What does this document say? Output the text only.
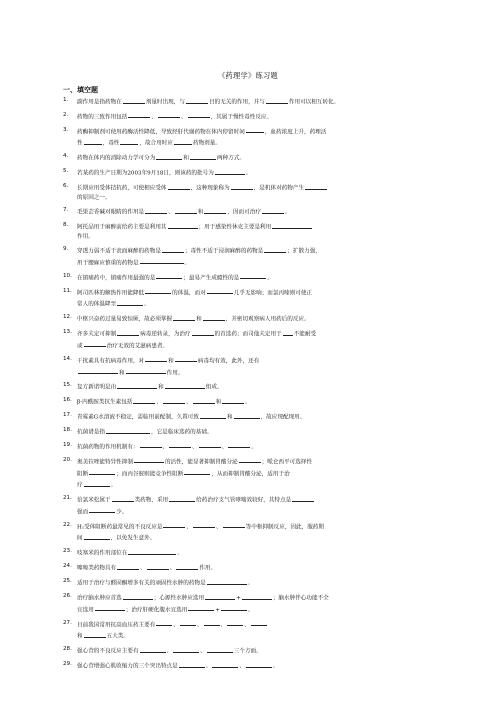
《药理学》练习题
一、填空题
1.	副作用是指药物在	剂量时出现，与	目的无关的作用，并与	作用可以相互转化。
2.	药物的三致作用包括	、	、	，其属于慢性毒性反应。
3.	药酶抑制剂可使用药酶活性降低，导致经肝代谢药物在体内停留时间	，血药浓度上升，药理活
性	，毒性	，故合用时应	药物剂量。
4.	药物在体内的消除动力学可分为	和	两种方式。
5.	若某药的生产日期为2003年9月18日，则该药的批号为	。
6.	长期应用受体拮抗药，可使相应受体	，这种现象称为	，是机体对药物产生
的原因之一。
7.	毛果芸香碱对眼睛的作用是	、	和	，因而可治疗	。
8.	阿托品用于麻醉前给药主要是利用其	；用于感染性休克主要是利用
作用。
9.	穿透力弱不适于表面麻醉的药物是	；毒性不适于浸润麻醉的药物是	；扩散力强，
用于腰麻应慎重的药物是	。
10. 在镇痛药中，镇痛作用最强的是	；最易产生成瘾性的是	。
11. 阿司匹林的解热作用能降低	的体温，而对	几乎无影响；而氯丙嗪则可使正
常人的体温降至	。
12. 中枢兴奋药过量易致惊厥，故必须掌握	和	，并密切观察病人用药后的反应。
13. 齐多夫定可抑制	病毒逆转录，为治疗	的首选药；而司他夫定用于 不能耐受
或	治疗无效的艾滋病患者。
14. 干扰素具有抗病毒作用，对	和	病毒均有效，此外，还有
和	作用。
15. 复方新诺明是由	和	组成。
16. β-内酰胺类抗生素包括	、	、	和	。
17. 青霉素G水溶液不稳定，需临用前配制，久置可致	和	，故应现配现用。
18. 抗菌谱是指	，它是临床选药的基础。
19. 抗菌药物的作用机制有：	、	、	、	。
20. 奥美拉唑能特异性抑制	的活性，能显著抑制胃酸分泌	；哌仑西平可选择性
阻断	；而丙谷胺则能竞争性阻断	，从而抑制胃酸分泌，适用于治
疗	。
21. 倍氯米松属于	类药物，采用	给药治疗支气管哮喘效较好，其特点是
强而	少。
22. H₁受体阻断药最常见的不良反应是	、	、	等中枢抑制反应，因此，服药期
间	，以免发生意外。
23. 吱塞米的作用部位在	。
24. 噻嗪类药物具有	、	、	作用。
25. 适用于治疗与醛固酮增多有关的顽固性水肿的药物是	。
26. 治疗脑水肿应首选	；心源性水肿应选用	+	；脑水肿伴心功能不全
宜选用	；治疗肝硬化腹水宜选用	+	。
27. 目前我国常用抗高血压药主要有	、	、	、	、
和	五大类。
28. 强心苷的不良反应主要有	、	、	三个方面。
29. 强心苷增强心肌收缩力的三个突出特点是	、	、	。
